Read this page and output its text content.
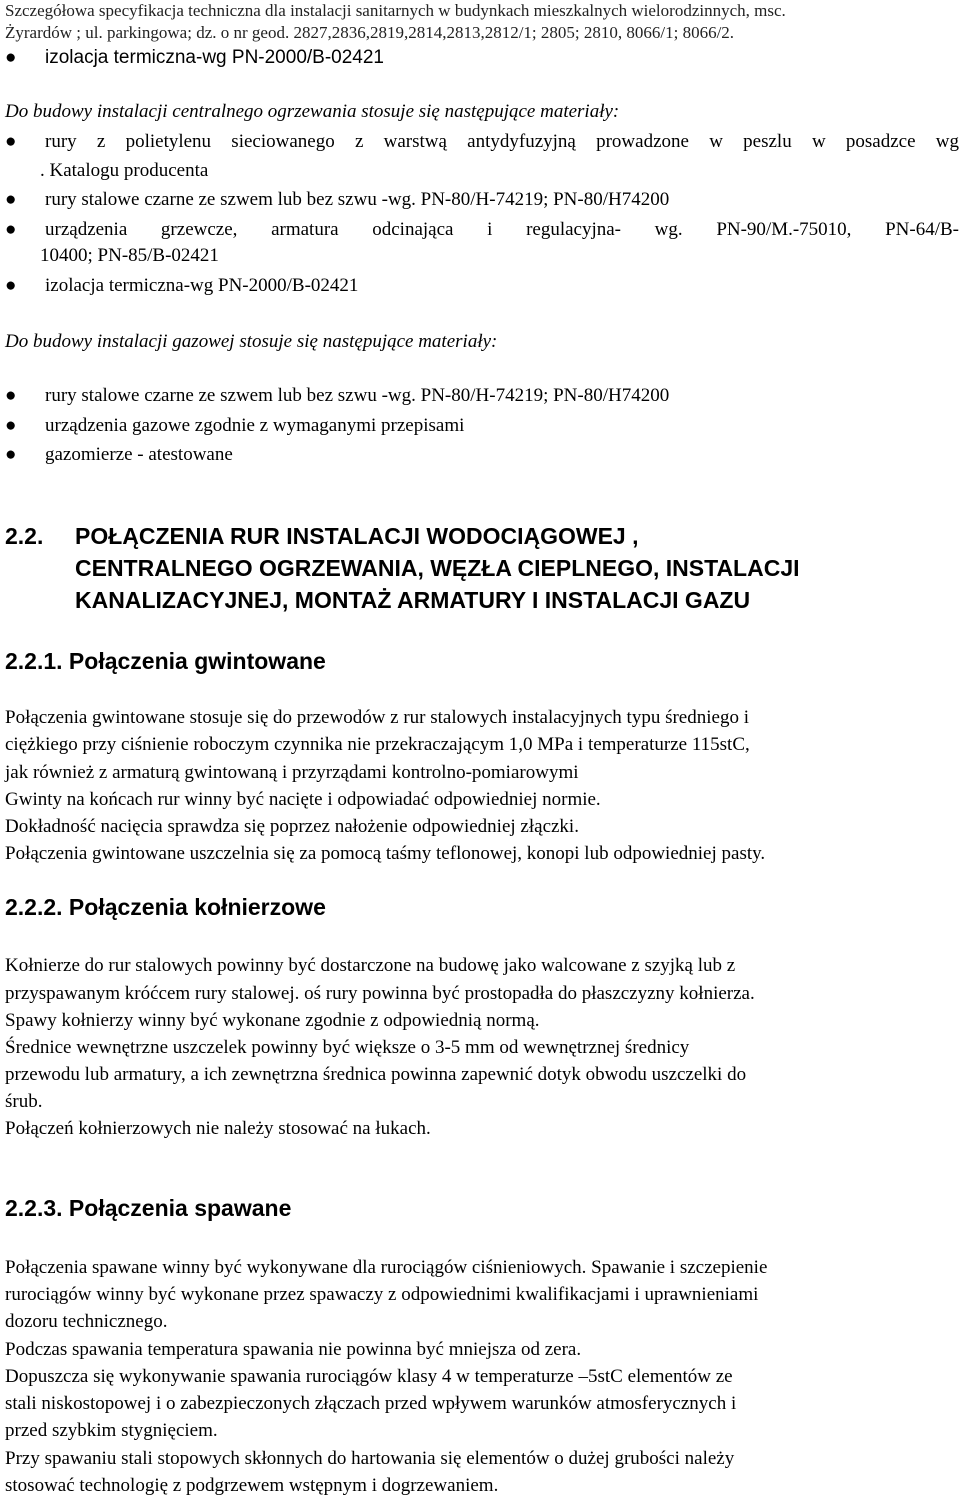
Szczegółowa specyfikacja techniczna dla instalacji sanitarnych w budynkach mieszkalnych wielorodzinnych, msc.
Żyrardów ; ul. parkingowa; dz. o nr geod. 2827,2836,2819,2814,2813,2812/1; 2805; 2810, 8066/1; 8066/2.
●	izolacja termiczna-wg PN-2000/B-02421
Do budowy instalacji centralnego ogrzewania stosuje się następujące materiały:
●	rury z polietylenu sieciowanego z warstwą antydyfuzyjną prowadzone w peszlu w posadzce wg
. Katalogu producenta
●	rury stalowe czarne ze szwem lub bez szwu -wg. PN-80/H-74219; PN-80/H74200
●	urządzenia grzewcze, armatura odcinająca i regulacyjna- wg. PN-90/M.-75010, PN-64/B-
10400; PN-85/B-02421
●	izolacja termiczna-wg PN-2000/B-02421
Do budowy instalacji gazowej stosuje się następujące materiały:
●	rury stalowe czarne ze szwem lub bez szwu -wg. PN-80/H-74219; PN-80/H74200
●	urządzenia gazowe zgodnie z wymaganymi przepisami
●	gazomierze - atestowane
2.2. POŁĄCZENIA RUR INSTALACJI WODOCIĄGOWEJ ,
CENTRALNEGO OGRZEWANIA, WĘZŁA CIEPLNEGO, INSTALACJI
KANALIZACYJNEJ, MONTAŻ ARMATURY I INSTALACJI GAZU
2.2.1. Połączenia gwintowane
Połączenia gwintowane stosuje się do przewodów z rur stalowych instalacyjnych typu średniego i
ciężkiego przy ciśnienie roboczym czynnika nie przekraczającym 1,0 MPa i temperaturze 115stC,
jak również z armaturą gwintowaną i przyrządami kontrolno-pomiarowymi
Gwinty na końcach rur winny być nacięte i odpowiadać odpowiedniej normie.
Dokładność nacięcia sprawdza się poprzez nałożenie odpowiedniej złączki.
Połączenia gwintowane uszczelnia się za pomocą taśmy teflonowej, konopi lub odpowiedniej pasty.
2.2.2. Połączenia kołnierzowe
Kołnierze do rur stalowych powinny być dostarczone na budowę jako walcowane z szyjką lub z
przyspawanym króćcem rury stalowej. oś rury powinna być prostopadła do płaszczyzny kołnierza.
Spawy kołnierzy winny być wykonane zgodnie z odpowiednią normą.
Średnice wewnętrzne uszczelek powinny być większe o 3-5 mm od wewnętrznej średnicy
przewodu lub armatury, a ich zewnętrzna średnica powinna zapewnić dotyk obwodu uszczelki do
śrub.
Połączeń kołnierzowych nie należy stosować na łukach.
2.2.3. Połączenia spawane
Połączenia spawane winny być wykonywane dla rurociągów ciśnieniowych. Spawanie i szczepienie
rurociągów winny być wykonane przez spawaczy z odpowiednimi kwalifikacjami i uprawnieniami
dozoru technicznego.
Podczas spawania temperatura spawania nie powinna być mniejsza od zera.
Dopuszcza się wykonywanie spawania rurociągów klasy 4 w temperaturze –5stC elementów ze
stali niskostopowej i o zabezpieczonych złączach przed wpływem warunków atmosferycznych i
przed szybkim stygnięciem.
Przy spawaniu stali stopowych skłonnych do hartowania się elementów o dużej grubości należy
stosować technologię z podgrzewem wstępnym i dogrzewaniem.
